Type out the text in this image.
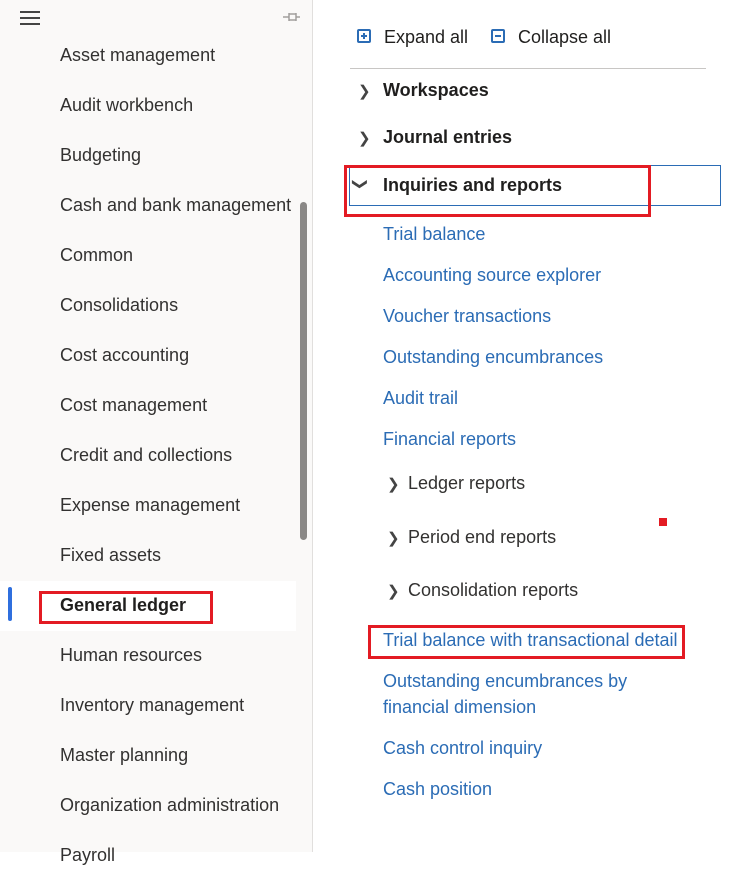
Asset management
Audit workbench
Budgeting
Cash and bank management
Common
Consolidations
Cost accounting
Cost management
Credit and collections
Expense management
Fixed assets
General ledger
Human resources
Inventory management
Master planning
Organization administration
Payroll
Expand all	Collapse all
❯ Workspaces
❯ Journal entries
❯ Inquiries and reports
Trial balance
Accounting source explorer
Voucher transactions
Outstanding encumbrances
Audit trail
Financial reports
❯ Ledger reports
❯ Period end reports
❯ Consolidation reports
Trial balance with transactional detail
Outstanding encumbrances by
financial dimension
Cash control inquiry
Cash position
